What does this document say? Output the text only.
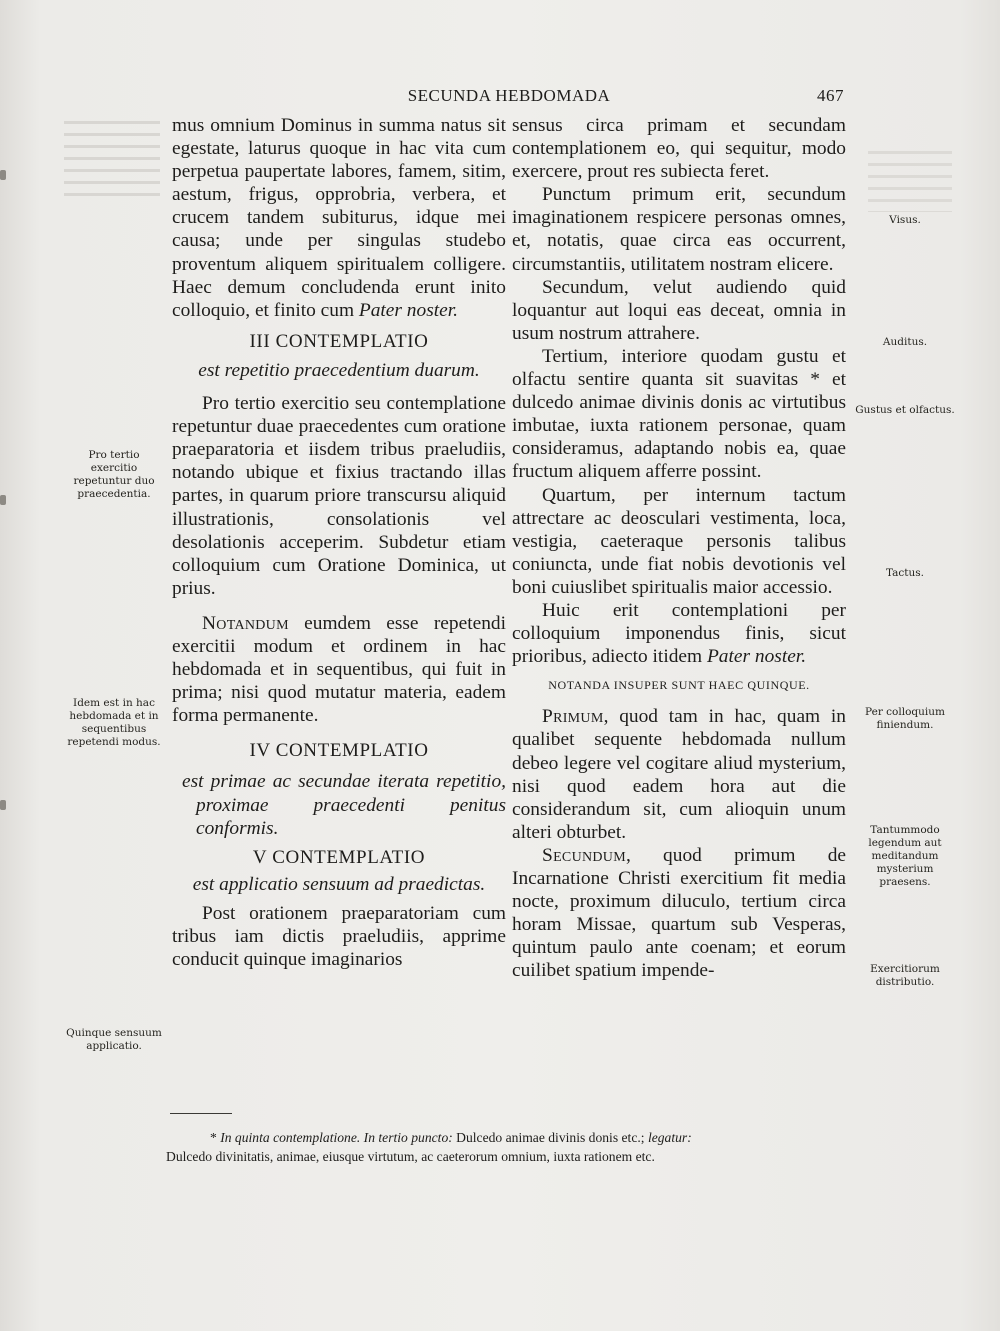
SECUNDA HEBDOMADA	467

mus omnium Dominus in summa natus sit egestate, laturus quoque in hac vita cum perpetua paupertate labores, famem, sitim, aestum, frigus, opprobria, verbera, et crucem tandem subiturus, idque mei causa; unde per singulas studebo proventum aliquem spiritualem colligere. Haec demum concludenda erunt inito colloquio, et finito cum Pater noster.

III CONTEMPLATIO

est repetitio praecedentium duarum.

Pro tertio exercitio seu contemplatione repetuntur duae praecedentes cum oratione praeparatoria et iisdem tribus praeludiis, notando ubique et fixius tractando illas partes, in quarum priore transcursu aliquid illustrationis, consolationis vel desolationis acceperim. Subdetur etiam colloquium cum Oratione Dominica, ut prius.

Notandum eumdem esse repetendi exercitii modum et ordinem in hac hebdomada et in sequentibus, qui fuit in prima; nisi quod mutatur materia, eadem forma permanente.

IV CONTEMPLATIO

est primae ac secundae iterata repetitio, proximae praecedenti penitus conformis.

V CONTEMPLATIO

est applicatio sensuum ad praedictas.

Post orationem praeparatoriam cum tribus iam dictis praeludiis, apprime conducit quinque imaginarios

sensus circa primam et secundam contemplationem eo, qui sequitur, modo exercere, prout res subiecta feret.

Punctum primum erit, secundum imaginationem respicere personas omnes, et, notatis, quae circa eas occurrent, circumstantiis, utilitatem nostram elicere.

Secundum, velut audiendo quid loquantur aut loqui eas deceat, omnia in usum nostrum attrahere.

Tertium, interiore quodam gustu et olfactu sentire quanta sit suavitas * et dulcedo animae divinis donis ac virtutibus imbutae, iuxta rationem personae, quam consideramus, adaptando nobis ea, quae fructum aliquem afferre possint.

Quartum, per internum tactum attrectare ac deosculari vestimenta, loca, vestigia, caeteraque personis talibus coniuncta, unde fiat nobis devotionis vel boni cuiuslibet spiritualis maior accessio.

Huic erit contemplationi per colloquium imponendus finis, sicut prioribus, adiecto itidem Pater noster.

NOTANDA INSUPER SUNT HAEC QUINQUE.

Primum, quod tam in hac, quam in qualibet sequente hebdomada nullum debeo legere vel cogitare aliud mysterium, nisi quod eadem hora aut die considerandum sit, cum alioquin unum alteri obturbet.

Secundum, quod primum de Incarnatione Christi exercitium fit media nocte, proximum diluculo, tertium circa horam Missae, quartum sub Vesperas, quintum paulo ante coenam; et eorum cuilibet spatium impende-

Pro tertio exercitio repetuntur duo praecedentia.
Idem est in hac hebdomada et in sequentibus repetendi modus.
Quinque sensuum applicatio.
Visus.
Auditus.
Gustus et olfactus.
Tactus.
Per colloquium finiendum.
Tantummodo legendum aut meditandum mysterium praesens.
Exercitiorum distributio.
* In quinta contemplatione. In tertio puncto: Dulcedo animae divinis donis etc.; legatur:
Dulcedo divinitatis, animae, eiusque virtutum, ac caeterorum omnium, iuxta rationem etc.
